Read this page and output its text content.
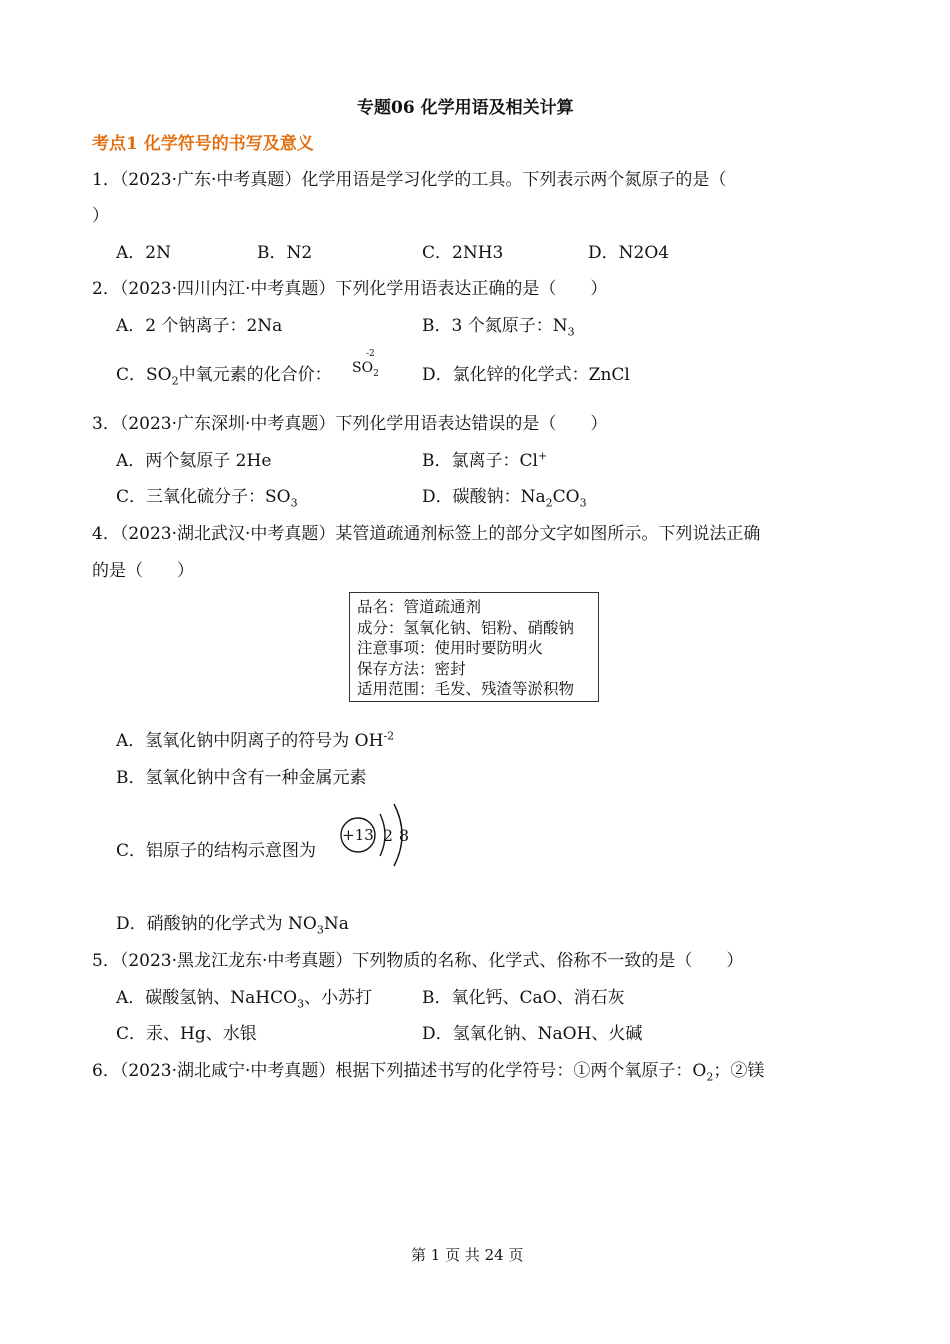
专题06 化学用语及相关计算
考点1 化学符号的书写及意义
1．（2023·广东·中考真题）化学用语是学习化学的工具。下列表示两个氮原子的是（
）
A．2N	B．N2	C．2NH3	D．N2O4
2．（2023·四川内江·中考真题）下列化学用语表达正确的是（　　）
A．2 个钠离子：2Na	B．3 个氮原子：$N_3$
C．$SO_2$中氧元素的化合价：
-2
$SO_2$	D．氯化锌的化学式：ZnCl
3．（2023·广东深圳·中考真题）下列化学用语表达错误的是（　　）
A．两个氦原子 2He	B．氯离子：Cl+
C．三氧化硫分子：$SO_3$	D．碳酸钠：$Na_2CO_3$
4．（2023·湖北武汉·中考真题）某管道疏通剂标签上的部分文字如图所示。下列说法正确
的是（　　）
品名：管道疏通剂
成分：氢氧化钠、铝粉、硝酸钠
注意事项：使用时要防明火
保存方法：密封
适用范围：毛发、残渣等淤积物
A．氢氧化钠中阴离子的符号为 $OH^{-2}$
B．氢氧化钠中含有一种金属元素
C．铝原子的结构示意图为
+13 2 8
D．硝酸钠的化学式为 $NO_3Na$
5．（2023·黑龙江龙东·中考真题）下列物质的名称、化学式、俗称不一致的是（　　）
A．碳酸氢钠、NaHCO$_3$、小苏打	B．氧化钙、CaO、消石灰
C．汞、Hg、水银	D．氢氧化钠、NaOH、火碱
6．（2023·湖北咸宁·中考真题）根据下列描述书写的化学符号：①两个氧原子：$O_2$；②镁
第 1 页 共 24 页
